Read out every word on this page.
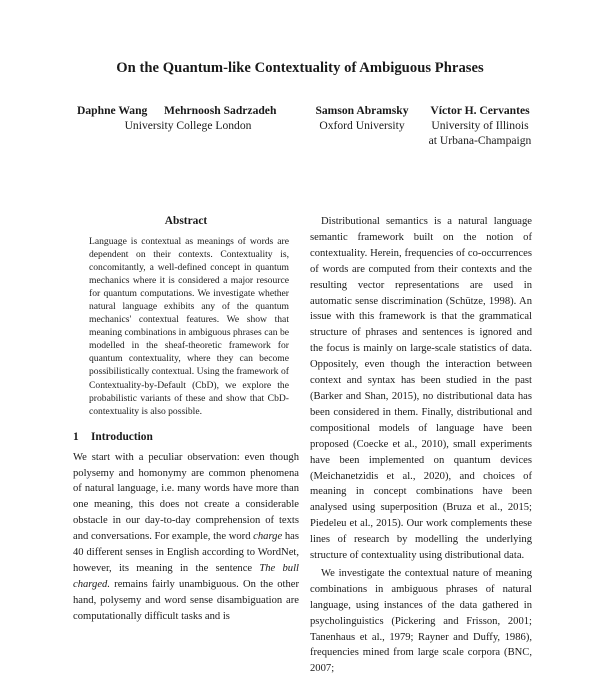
On the Quantum-like Contextuality of Ambiguous Phrases
Daphne Wang Mehrnoosh Sadrzadeh
University College London
Samson Abramsky
Oxford University
Víctor H. Cervantes
University of Illinois
at Urbana-Champaign
Abstract
Language is contextual as meanings of words are dependent on their contexts. Contextuality is, concomitantly, a well-defined concept in quantum mechanics where it is considered a major resource for quantum computations. We investigate whether natural language exhibits any of the quantum mechanics' contextual features. We show that meaning combinations in ambiguous phrases can be modelled in the sheaf-theoretic framework for quantum contextuality, where they can become possibilistically contextual. Using the framework of Contextuality-by-Default (CbD), we explore the probabilistic variants of these and show that CbD-contextuality is also possible.
1 Introduction

We start with a peculiar observation: even though polysemy and homonymy are common phenomena of natural language, i.e. many words have more than one meaning, this does not create a considerable obstacle in our day-to-day comprehension of texts and conversations. For example, the word charge has 40 different senses in English according to WordNet, however, its meaning in the sentence The bull charged. remains fairly unambiguous. On the other hand, polysemy and word sense disambiguation are computationally difficult tasks and is

Distributional semantics is a natural language semantic framework built on the notion of contextuality. Herein, frequencies of co-occurrences of words are computed from their contexts and the resulting vector representations are used in automatic sense discrimination (Schütze, 1998). An issue with this framework is that the grammatical structure of phrases and sentences is ignored and the focus is mainly on large-scale statistics of data. Oppositely, even though the interaction between context and syntax has been studied in the past (Barker and Shan, 2015), no distributional data has been considered in them. Finally, distributional and compositional models of language have been proposed (Coecke et al., 2010), small experiments have been implemented on quantum devices (Meichanetzidis et al., 2020), and choices of meaning in concept combinations have been analysed using superposition (Bruza et al., 2015; Piedeleu et al., 2015). Our work complements these lines of research by modelling the underlying structure of contextuality using distributional data.

We investigate the contextual nature of meaning combinations in ambiguous phrases of natural language, using instances of the data gathered in psycholinguistics (Pickering and Frisson, 2001; Tanenhaus et al., 1979; Rayner and Duffy, 1986), frequencies mined from large scale corpora (BNC, 2007;
